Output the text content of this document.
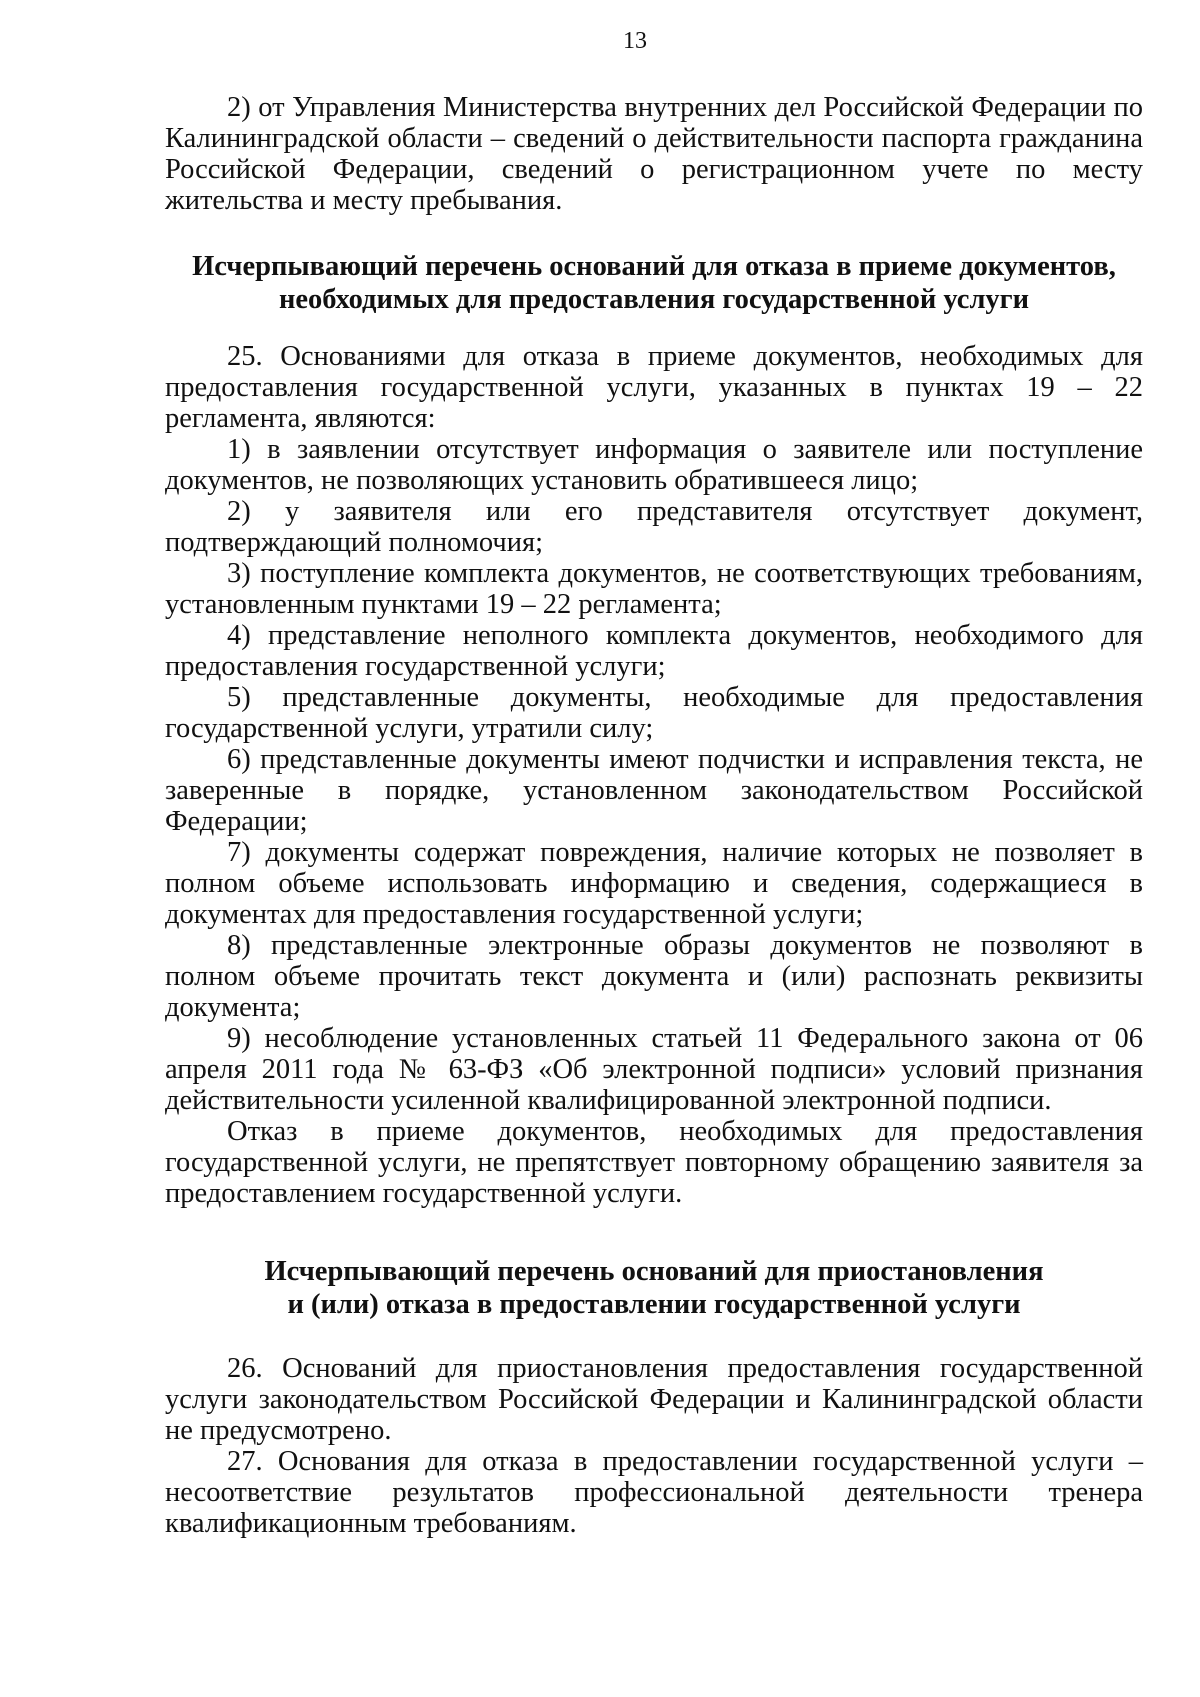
13

2) от Управления Министерства внутренних дел Российской Федерации по Калининградской области – сведений о действительности паспорта гражданина Российской Федерации, сведений о регистрационном учете по месту жительства и месту пребывания.

Исчерпывающий перечень оснований для отказа в приеме документов,
необходимых для предоставления государственной услуги

25. Основаниями для отказа в приеме документов, необходимых для предоставления государственной услуги, указанных в пунктах 19 – 22 регламента, являются:

1) в заявлении отсутствует информация о заявителе или поступление документов, не позволяющих установить обратившееся лицо;

2) у заявителя или его представителя отсутствует документ, подтверждающий полномочия;

3) поступление комплекта документов, не соответствующих требованиям, установленным пунктами 19 – 22 регламента;

4) представление неполного комплекта документов, необходимого для предоставления государственной услуги;

5) представленные документы, необходимые для предоставления государственной услуги, утратили силу;

6) представленные документы имеют подчистки и исправления текста, не заверенные в порядке, установленном законодательством Российской Федерации;

7) документы содержат повреждения, наличие которых не позволяет в полном объеме использовать информацию и сведения, содержащиеся в документах для предоставления государственной услуги;

8) представленные электронные образы документов не позволяют в полном объеме прочитать текст документа и (или) распознать реквизиты документа;

9) несоблюдение установленных статьей 11 Федерального закона от 06 апреля 2011 года № 63-ФЗ «Об электронной подписи» условий признания действительности усиленной квалифицированной электронной подписи.

Отказ в приеме документов, необходимых для предоставления государственной услуги, не препятствует повторному обращению заявителя за предоставлением государственной услуги.

Исчерпывающий перечень оснований для приостановления
и (или) отказа в предоставлении государственной услуги

26. Оснований для приостановления предоставления государственной услуги законодательством Российской Федерации и Калининградской области не предусмотрено.

27. Основания для отказа в предоставлении государственной услуги – несоответствие результатов профессиональной деятельности тренера квалификационным требованиям.
